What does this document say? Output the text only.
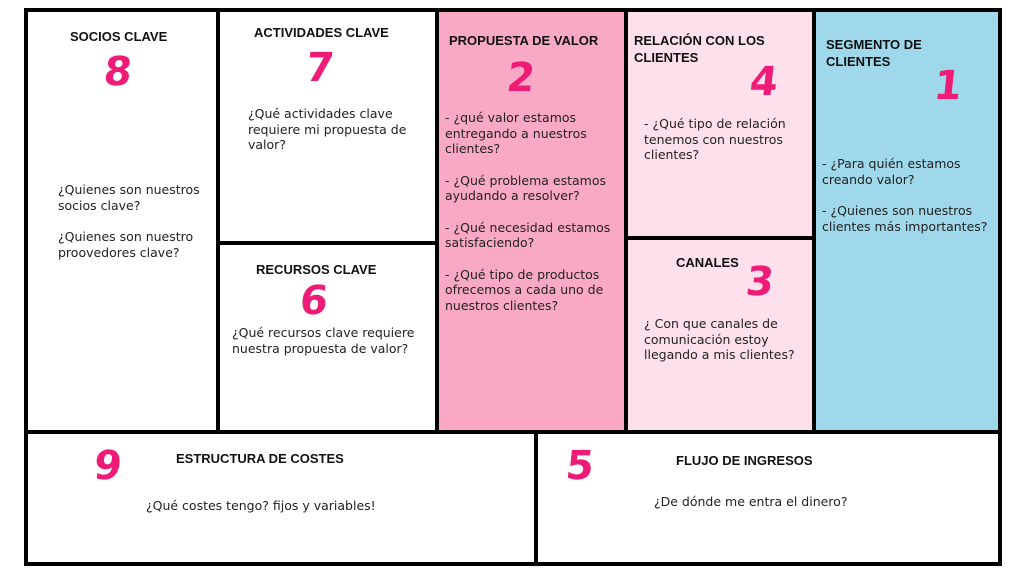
SOCIOS CLAVE
8

¿Quienes son nuestros socios clave?

¿Quienes son nuestro proovedores clave?

ACTIVIDADES CLAVE
7

¿Qué actividades clave requiere mi propuesta de valor?

RECURSOS CLAVE
6

¿Qué recursos clave requiere nuestra propuesta de valor?

PROPUESTA DE VALOR
2

- ¿qué valor estamos entregando a nuestros clientes?

- ¿Qué problema estamos ayudando a resolver?

- ¿Qué necesidad estamos satisfaciendo?

- ¿Qué tipo de productos ofrecemos a cada uno de nuestros clientes?

RELACIÓN CON LOS CLIENTES
4

- ¿Qué tipo de relación tenemos con nuestros clientes?

CANALES 3

¿ Con que canales de comunicación estoy llegando a mis clientes?

SEGMENTO DE CLIENTES
1

- ¿Para quién estamos creando valor?

- ¿Quienes son nuestros clientes más importantes?

9	ESTRUCTURA DE COSTES

¿Qué costes tengo? fijos y variables!

5	FLUJO DE INGRESOS

¿De dónde me entra el dinero?
